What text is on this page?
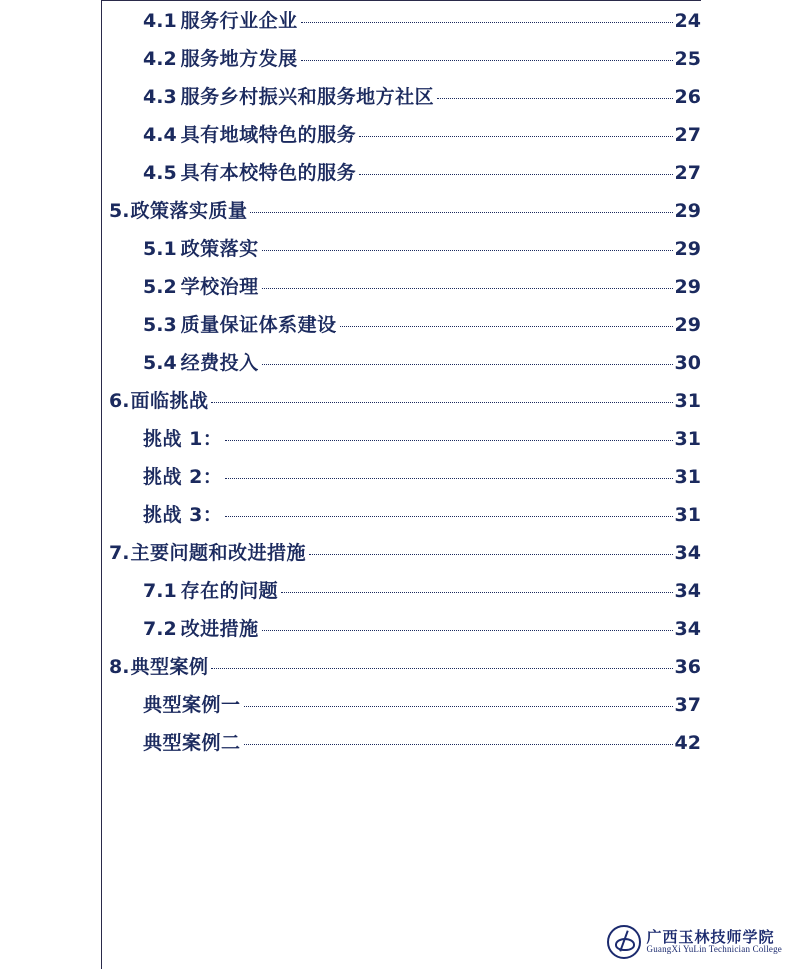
4.1 服务行业企业	24
4.2 服务地方发展	25
4.3 服务乡村振兴和服务地方社区	26
4.4 具有地域特色的服务	27
4.5 具有本校特色的服务	27
5. 政策落实质量	29
5.1 政策落实	29
5.2 学校治理	29
5.3 质量保证体系建设	29
5.4 经费投入	30
6. 面临挑战	31
挑战 1：	31
挑战 2：	31
挑战 3：	31
7. 主要问题和改进措施	34
7.1 存在的问题	34
7.2 改进措施	34
8. 典型案例	36
典型案例一	37
典型案例二	42
广西玉林技师学院
GuangXi YuLin Technician College
